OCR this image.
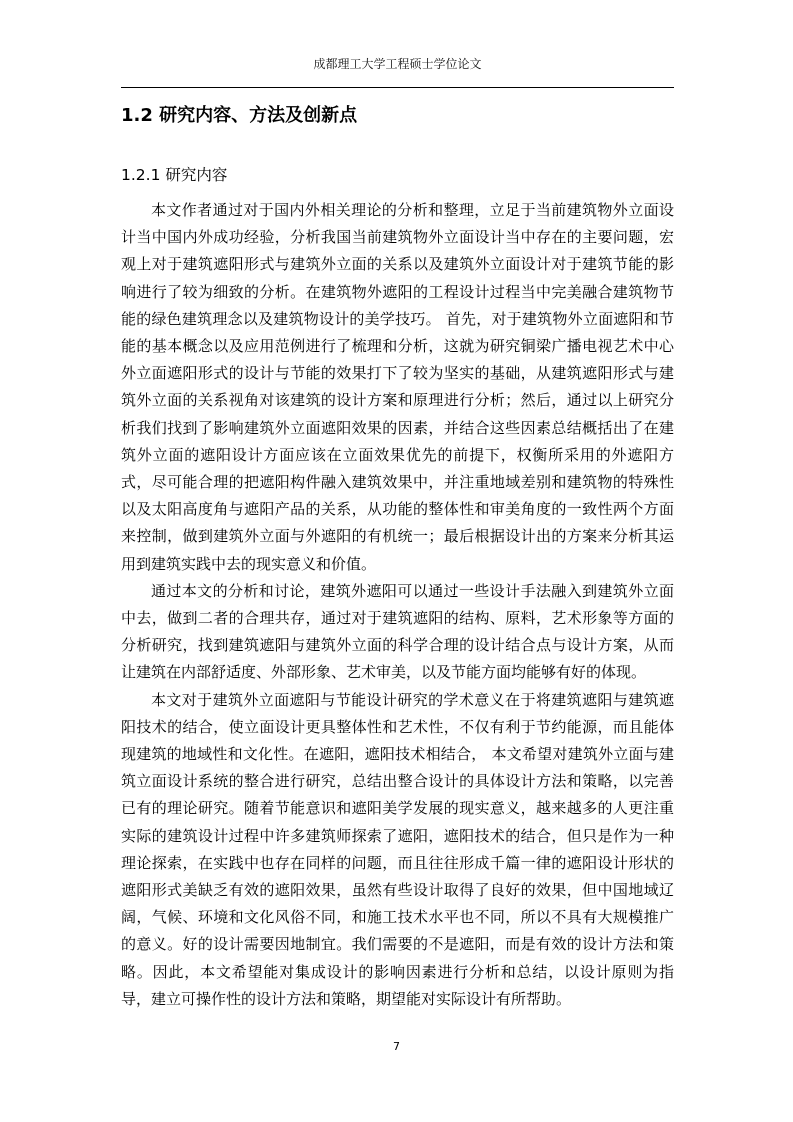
成都理工大学工程硕士学位论文
1.2 研究内容、方法及创新点
1.2.1 研究内容

本文作者通过对于国内外相关理论的分析和整理，立足于当前建筑物外立面设计当中国内外成功经验，分析我国当前建筑物外立面设计当中存在的主要问题，宏观上对于建筑遮阳形式与建筑外立面的关系以及建筑外立面设计对于建筑节能的影响进行了较为细致的分析。在建筑物外遮阳的工程设计过程当中完美融合建筑物节能的绿色建筑理念以及建筑物设计的美学技巧。 首先，对于建筑物外立面遮阳和节能的基本概念以及应用范例进行了梳理和分析，这就为研究铜梁广播电视艺术中心外立面遮阳形式的设计与节能的效果打下了较为坚实的基础，从建筑遮阳形式与建筑外立面的关系视角对该建筑的设计方案和原理进行分析；然后，通过以上研究分析我们找到了影响建筑外立面遮阳效果的因素，并结合这些因素总结概括出了在建筑外立面的遮阳设计方面应该在立面效果优先的前提下，权衡所采用的外遮阳方式，尽可能合理的把遮阳构件融入建筑效果中，并注重地域差别和建筑物的特殊性以及太阳高度角与遮阳产品的关系，从功能的整体性和审美角度的一致性两个方面来控制，做到建筑外立面与外遮阳的有机统一；最后根据设计出的方案来分析其运用到建筑实践中去的现实意义和价值。

通过本文的分析和讨论，建筑外遮阳可以通过一些设计手法融入到建筑外立面中去，做到二者的合理共存，通过对于建筑遮阳的结构、原料，艺术形象等方面的分析研究，找到建筑遮阳与建筑外立面的科学合理的设计结合点与设计方案，从而让建筑在内部舒适度、外部形象、艺术审美，以及节能方面均能够有好的体现。

本文对于建筑外立面遮阳与节能设计研究的学术意义在于将建筑遮阳与建筑遮阳技术的结合，使立面设计更具整体性和艺术性，不仅有利于节约能源，而且能体现建筑的地域性和文化性。在遮阳，遮阳技术相结合， 本文希望对建筑外立面与建筑立面设计系统的整合进行研究，总结出整合设计的具体设计方法和策略，以完善已有的理论研究。随着节能意识和遮阳美学发展的现实意义，越来越多的人更注重实际的建筑设计过程中许多建筑师探索了遮阳，遮阳技术的结合，但只是作为一种理论探索，在实践中也存在同样的问题，而且往往形成千篇一律的遮阳设计形状的遮阳形式美缺乏有效的遮阳效果，虽然有些设计取得了良好的效果，但中国地域辽阔，气候、环境和文化风俗不同，和施工技术水平也不同，所以不具有大规模推广的意义。好的设计需要因地制宜。我们需要的不是遮阳，而是有效的设计方法和策略。因此，本文希望能对集成设计的影响因素进行分析和总结，以设计原则为指导，建立可操作性的设计方法和策略，期望能对实际设计有所帮助。

7
